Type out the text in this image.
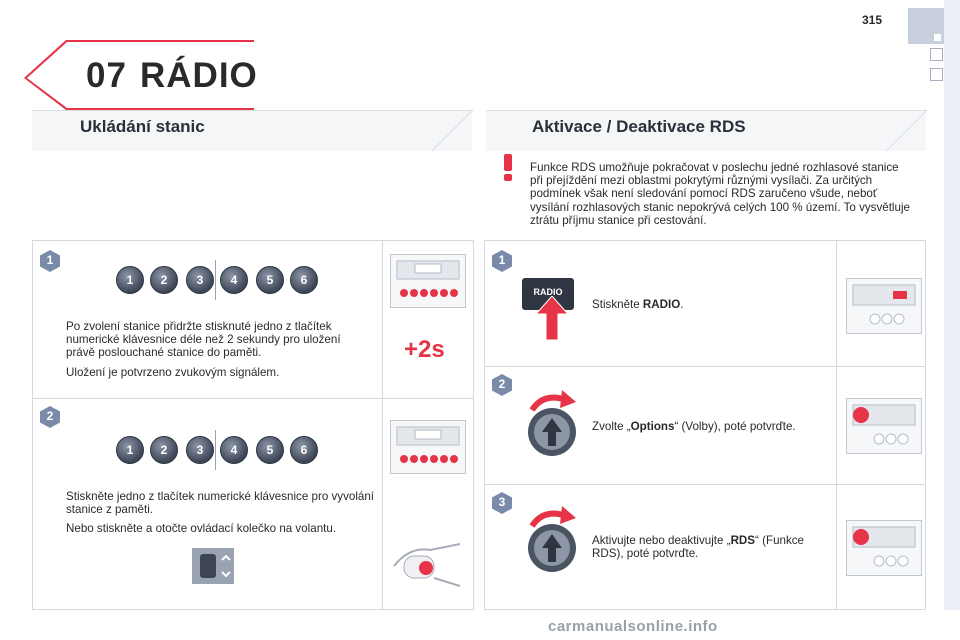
315
07 RÁDIO
Ukládání stanic	Aktivace / Deaktivace RDS
Funkce RDS umožňuje pokračovat v poslechu jedné rozhlasové stanice při přejíždění mezi oblastmi pokrytými různými vysílači. Za určitých podmínek však není sledování pomocí RDS zaručeno všude, neboť vysílání rozhlasových stanic nepokrývá celých 100 % území. To vysvětluje ztrátu příjmu stanice při cestování.
1
1	2	3	4	5	6

Po zvolení stanice přidržte stisknuté jedno z tlačítek numerické klávesnice déle než 2 sekundy pro uložení právě poslouchané stanice do paměti.

Uložení je potvrzeno zvukovým signálem.

+2s
2
1	2	3	4	5	6

Stiskněte jedno z tlačítek numerické klávesnice pro vyvolání stanice z paměti.

Nebo stiskněte a otočte ovládací kolečko na volantu.

1
RADIO
Stiskněte RADIO.
2
Zvolte „Options“ (Volby), poté potvrďte.
3
Aktivujte nebo deaktivujte „RDS“ (Funkce RDS), poté potvrďte.
carmanualsonline.info
